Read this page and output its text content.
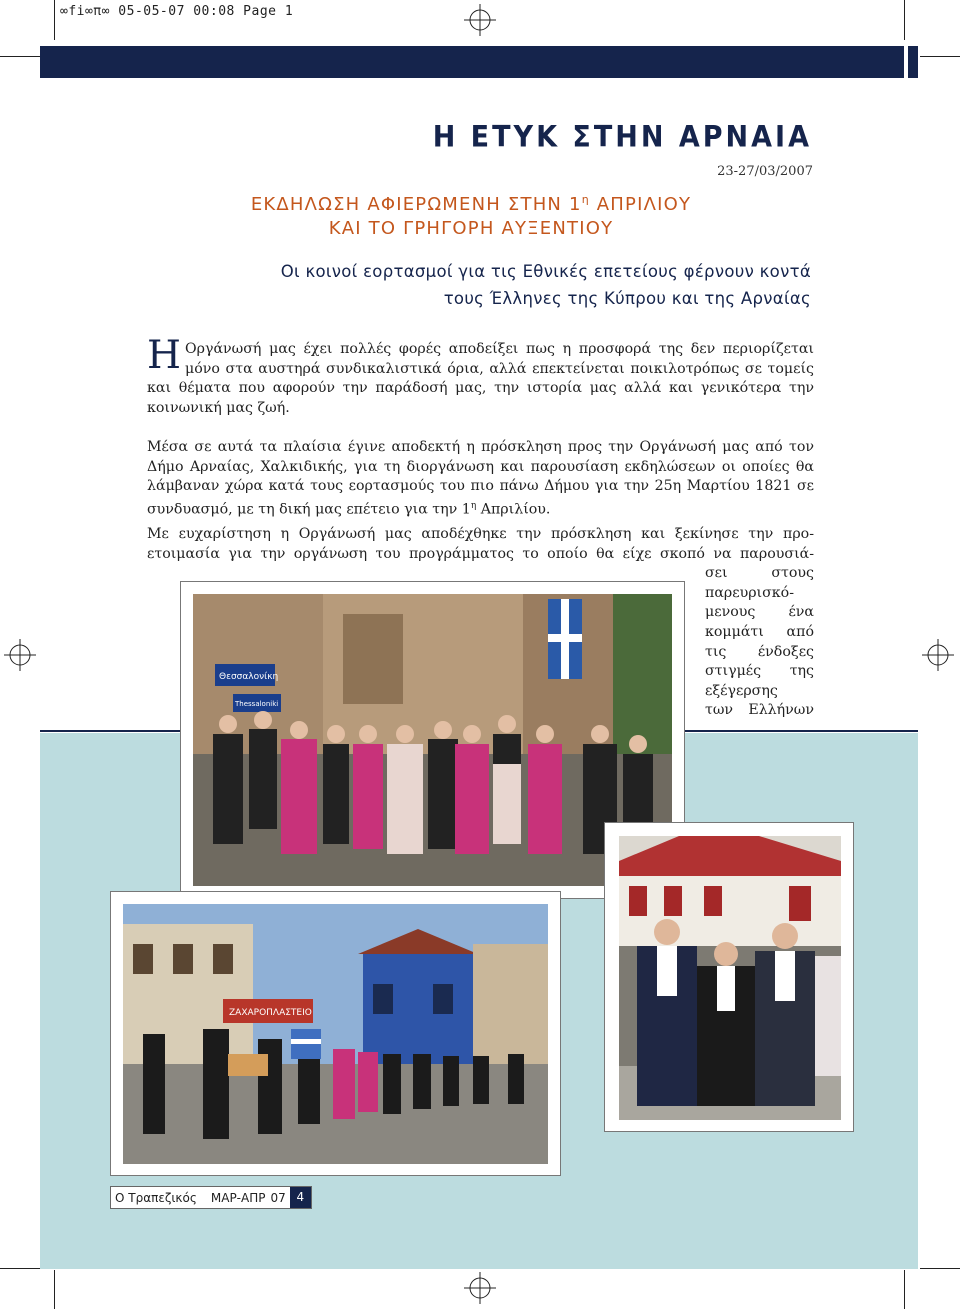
∞fi∞π∞ 05-05-07 00:08 Page 1
Η ΕΤΥΚ ΣΤΗΝ ΑΡΝΑΙΑ
23-27/03/2007
ΕΚΔΗΛΩΣΗ ΑΦΙΕΡΩΜΕΝΗ ΣΤΗΝ $1^\eta$ ΑΠΡΙΛΙΟΥ
ΚΑΙ ΤΟ ΓΡΗΓΟΡΗ ΑΥΞΕΝΤΙΟΥ
Οι κοινοί εορτασμοί για τις Εθνικές επετείους φέρνουν κοντά
τους Έλληνες της Κύπρου και της Αρναίας
Η Οργάνωσή μας έχει πολλές φορές αποδείξει πως η προσφορά της δεν περιορίζεται μόνο στα αυστηρά συνδικαλιστικά όρια, αλλά επεκτείνεται ποικιλοτρόπως σε τομείς και θέματα που αφορούν την παράδοσή μας, την ιστορία μας αλλά και γενικότερα την κοινωνική μας ζωή.
Μέσα σε αυτά τα πλαίσια έγινε αποδεκτή η πρόσκληση προς την Οργάνωσή μας από τον Δήμο Αρναίας, Χαλκιδικής, για τη διοργάνωση και παρουσίαση εκδηλώσεων οι οποίες θα λάμβαναν χώρα κατά τους εορτασμούς του πιο πάνω Δήμου για την 25η Μαρτίου 1821 σε συνδυασμό, με τη δική μας επέτειο για την $1^\eta$ Απριλίου.
Με ευχαρίστηση η Οργάνωσή μας αποδέχθηκε την πρόσκληση και ξεκίνησε την προ-
ετοιμασία για την οργάνωση του προγράμματος το οποίο θα είχε σκοπό να παρουσιά-
σει στους
παρευρισκό-
μενους ένα
κομμάτι από
τις ένδοξες
στιγμές της
εξέγερσης
των Ελλήνων
Θεσσαλονίκη
Thessaloniki
ΖΑΧΑΡΟΠΛΑΣΤΕΙΟ
Ο Τραπεζικός ΜΑΡ-ΑΠΡ 07 4
